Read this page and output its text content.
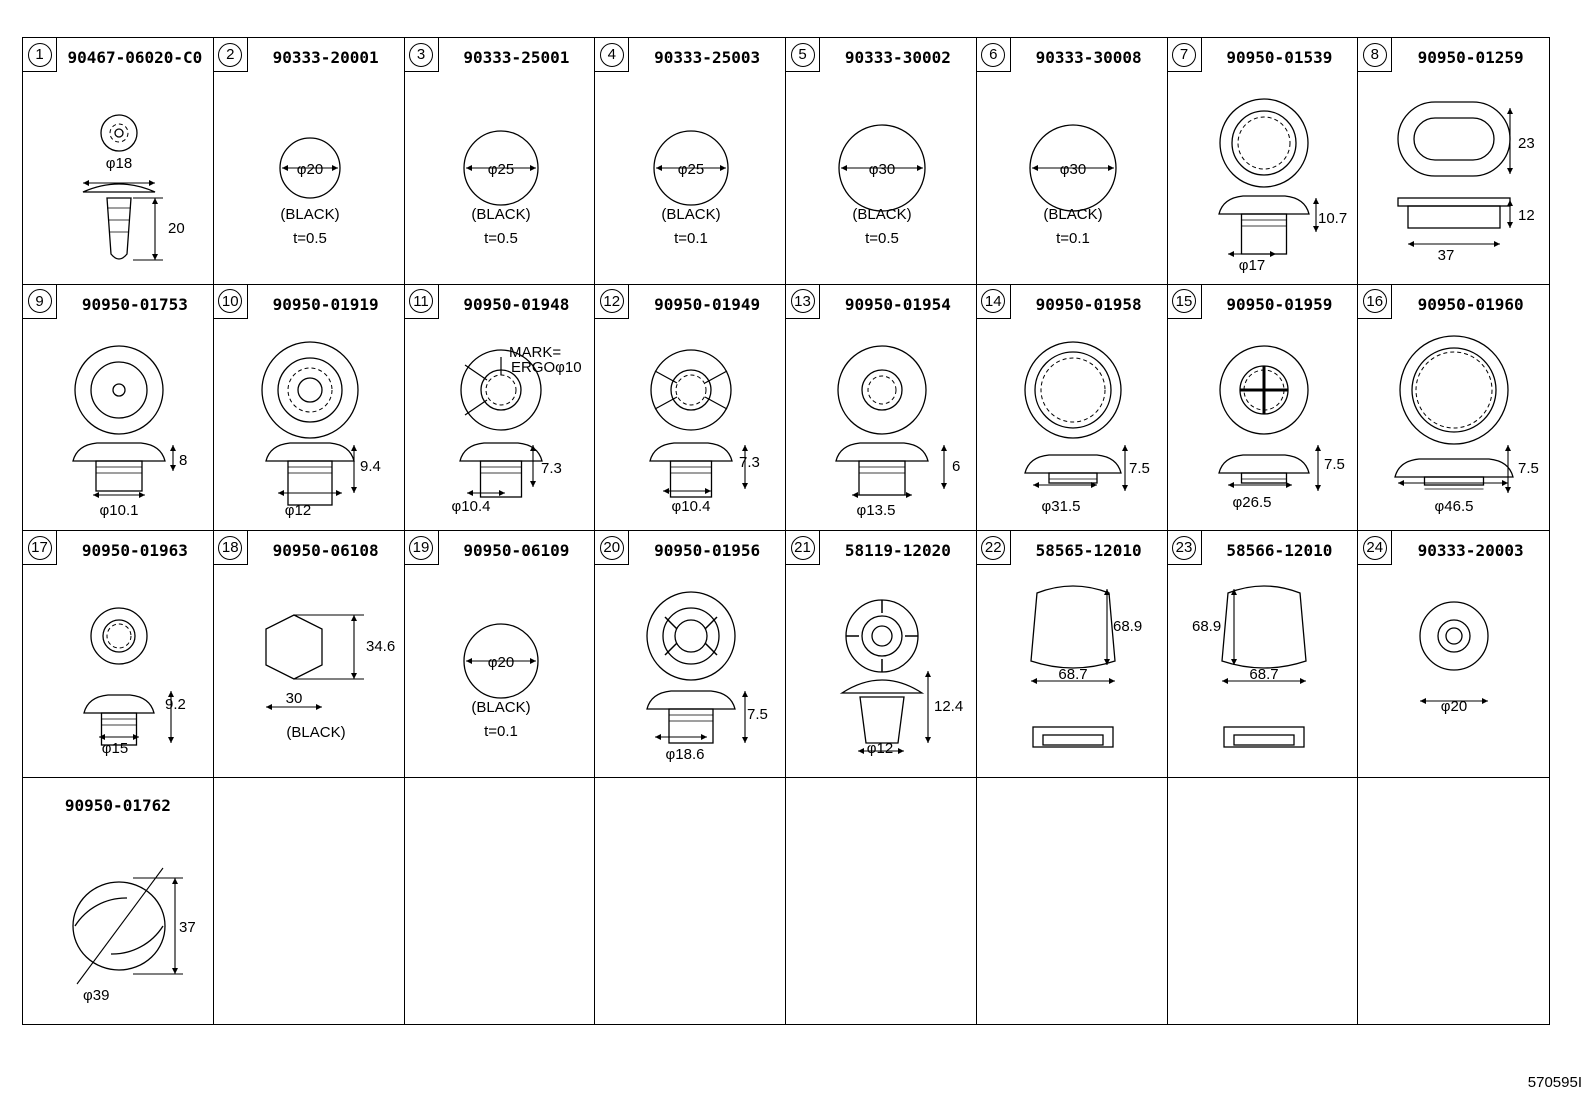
1	90467-06020-C0
φ18
20
2	90333-20001
φ20
(BLACK)
t=0.5
3	90333-25001
φ25
(BLACK)
t=0.5
4	90333-25003
φ25
(BLACK)
t=0.1
5	90333-30002
φ30
(BLACK)
t=0.5
6	90333-30008
φ30
(BLACK)
t=0.1
7	90950-01539
10.7
φ17
8	90950-01259
23
12
37
9	90950-01753
8
φ10.1
10	90950-01919
9.4
φ12
11	90950-01948
7.3
φ10.4
MARK=
ERGOφ10
12	90950-01949
7.3
φ10.4
13	90950-01954
6
φ13.5
14	90950-01958
7.5
φ31.5
15	90950-01959
7.5
φ26.5
16	90950-01960
7.5
φ46.5
17	90950-01963
9.2
φ15
18	90950-06108
34.6
30
(BLACK)
19	90950-06109
φ20
(BLACK)
t=0.1
20	90950-01956
7.5
φ18.6
21	58119-12020
12.4
φ12
22	58565-12010
68.9
68.7
23	58566-12010
68.9
68.7
24	90333-20003
φ20
90950-01762
φ39
37
570595I
